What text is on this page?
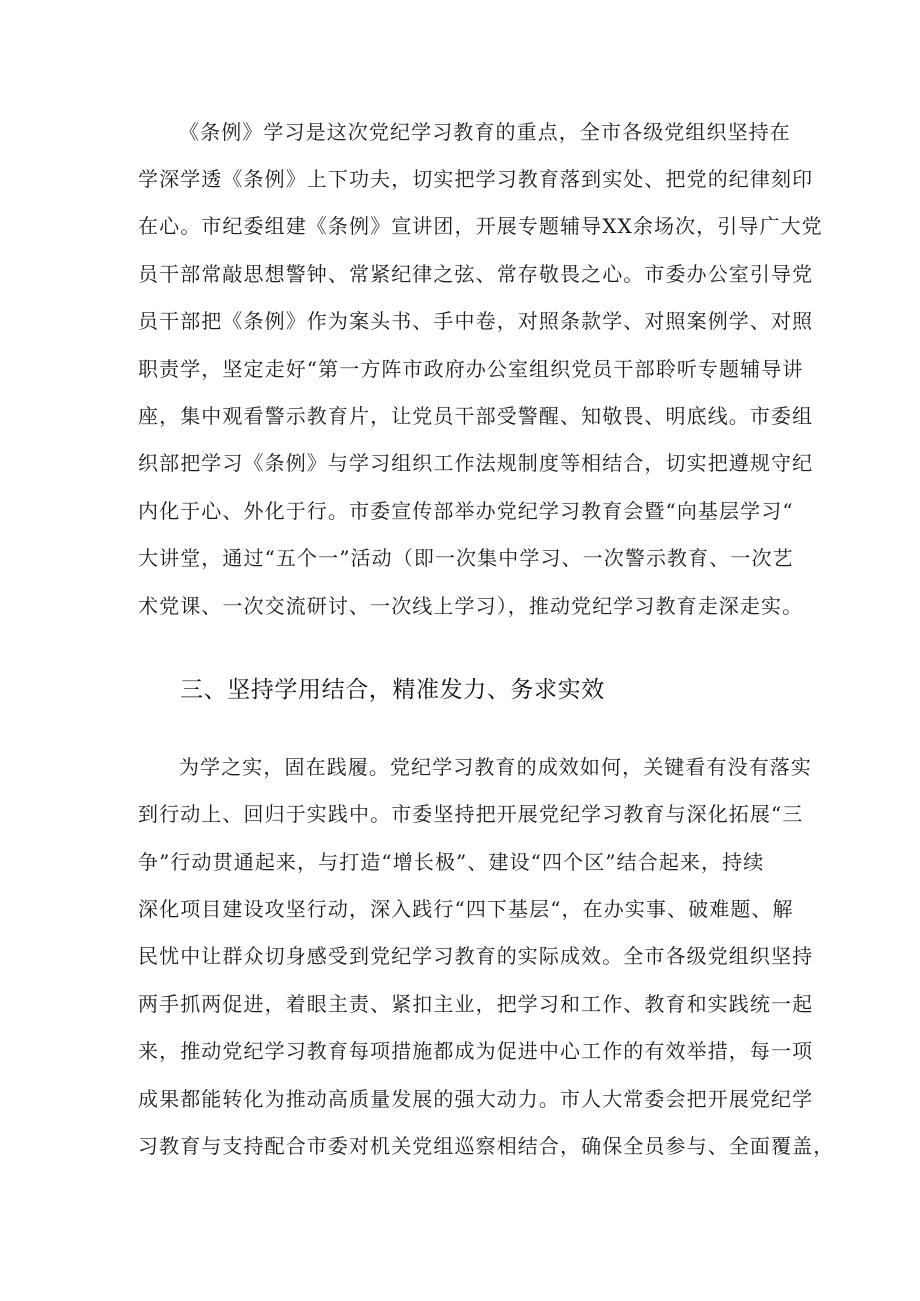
《条例》学习是这次党纪学习教育的重点，全市各级党组织坚持在
学深学透《条例》上下功夫，切实把学习教育落到实处、把党的纪律刻印
在心。市纪委组建《条例》宣讲团，开展专题辅导XX余场次，引导广大党
员干部常敲思想警钟、常紧纪律之弦、常存敬畏之心。市委办公室引导党
员干部把《条例》作为案头书、手中卷，对照条款学、对照案例学、对照
职责学，坚定走好“第一方阵市政府办公室组织党员干部聆听专题辅导讲
座，集中观看警示教育片，让党员干部受警醒、知敬畏、明底线。市委组
织部把学习《条例》与学习组织工作法规制度等相结合，切实把遵规守纪
内化于心、外化于行。市委宣传部举办党纪学习教育会暨“向基层学习“
大讲堂，通过“五个一”活动（即一次集中学习、一次警示教育、一次艺
术党课、一次交流研讨、一次线上学习），推动党纪学习教育走深走实。
三、坚持学用结合，精准发力、务求实效
为学之实，固在践履。党纪学习教育的成效如何，关键看有没有落实
到行动上、回归于实践中。市委坚持把开展党纪学习教育与深化拓展“三
争”行动贯通起来，与打造“增长极”、建设“四个区”结合起来，持续
深化项目建设攻坚行动，深入践行“四下基层“，在办实事、破难题、解
民忧中让群众切身感受到党纪学习教育的实际成效。全市各级党组织坚持
两手抓两促进，着眼主责、紧扣主业，把学习和工作、教育和实践统一起
来，推动党纪学习教育每项措施都成为促进中心工作的有效举措，每一项
成果都能转化为推动高质量发展的强大动力。市人大常委会把开展党纪学
习教育与支持配合市委对机关党组巡察相结合，确保全员参与、全面覆盖，
